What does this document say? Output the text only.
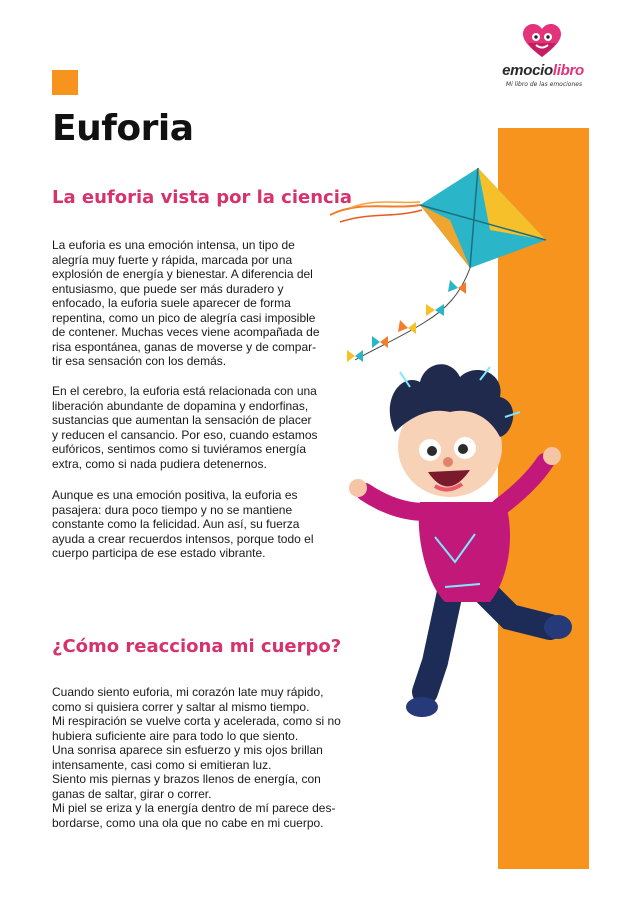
emociolibro
Mi libro de las emociones
Euforia
La euforia vista por la ciencia

La euforia es una emoción intensa, un tipo de
alegría muy fuerte y rápida, marcada por una
explosión de energía y bienestar. A diferencia del
entusiasmo, que puede ser más duradero y
enfocado, la euforia suele aparecer de forma
repentina, como un pico de alegría casi imposible
de contener. Muchas veces viene acompañada de
risa espontánea, ganas de moverse y de compar-
tir esa sensación con los demás.

En el cerebro, la euforia está relacionada con una
liberación abundante de dopamina y endorfinas,
sustancias que aumentan la sensación de placer
y reducen el cansancio. Por eso, cuando estamos
eufóricos, sentimos como si tuviéramos energía
extra, como si nada pudiera detenernos.

Aunque es una emoción positiva, la euforia es
pasajera: dura poco tiempo y no se mantiene
constante como la felicidad. Aun así, su fuerza
ayuda a crear recuerdos intensos, porque todo el
cuerpo participa de ese estado vibrante.

¿Cómo reacciona mi cuerpo?

Cuando siento euforia, mi corazón late muy rápido,
como si quisiera correr y saltar al mismo tiempo.
Mi respiración se vuelve corta y acelerada, como si no
hubiera suficiente aire para todo lo que siento.
Una sonrisa aparece sin esfuerzo y mis ojos brillan
intensamente, casi como si emitieran luz.
Siento mis piernas y brazos llenos de energía, con
ganas de saltar, girar o correr.
Mi piel se eriza y la energía dentro de mí parece des-
bordarse, como una ola que no cabe en mi cuerpo.
